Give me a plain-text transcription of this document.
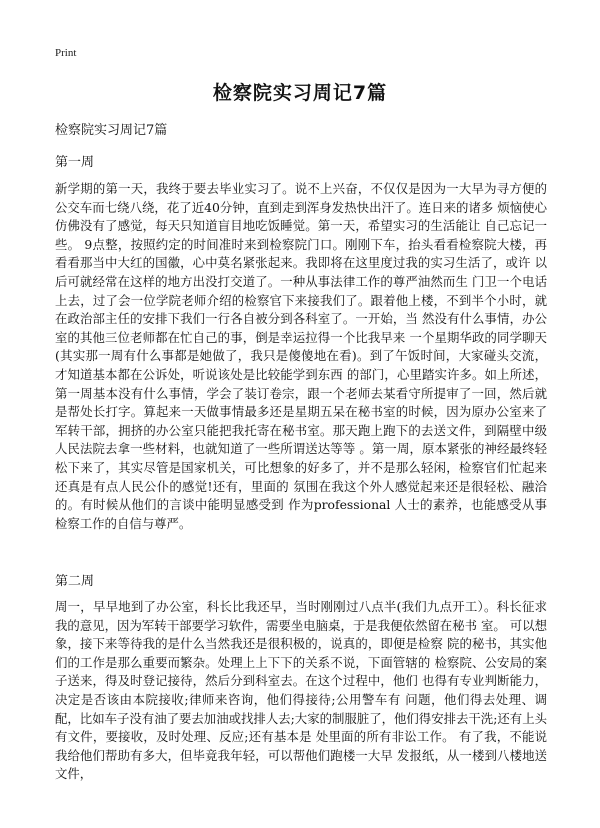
Print
检察院实习周记7篇
检察院实习周记7篇
第一周

新学期的第一天，我终于要去毕业实习了。说不上兴奋，不仅仅是因为一大早为寻方便的公交车而七绕八绕，花了近40分钟，直到走到浑身发热快出汗了。连日来的诸多 烦恼使心仿佛没有了感觉，每天只知道盲目地吃饭睡觉。第一天，希望实习的生活能让 自己忘记一些。 9点整，按照约定的时间准时来到检察院门口。刚刚下车，抬头看看检察院大楼，再 看看那当中大红的国徽，心中莫名紧张起来。我即将在这里度过我的实习生活了，或许 以后可就经常在这样的地方出没打交道了。一种从事法律工作的尊严油然而生 门卫一个电话上去，过了会一位学院老师介绍的检察官下来接我们了。跟着他上楼，不到半个小时，就在政治部主任的安排下我们一行各自被分到各科室了。一开始，当 然没有什么事情，办公室的其他三位老师都在忙自己的事，倒是幸运拉得一个比我早来 一个星期华政的同学聊天(其实那一周有什么事都是她做了，我只是傻傻地在看)。到了午饭时间，大家碰头交流，才知道基本都在公诉处，听说该处是比较能学到东西 的部门，心里踏实许多。如上所述，第一周基本没有什么事情，学会了装订卷宗，跟一个老师去某看守所提审了一回，然后就是帮处长打字。算起来一天做事情最多还是星期五呆在秘书室的时候，因为原办公室来了军转干部，拥挤的办公室只能把我托寄在秘书室。那天跑上跑下的去送文件，到隔壁中级人民法院去拿一些材料，也就知道了一些所谓送达等等 。第一周，原本紧张的神经最终轻松下来了，其实尽管是国家机关，可比想象的好多了，并不是那么轻闲，检察官们忙起来还真是有点人民公仆的感觉!还有，里面的 氛围在我这个外人感觉起来还是很轻松、融洽的。有时候从他们的言谈中能明显感受到 作为professional 人士的素养，也能感受从事检察工作的自信与尊严。

第二周

周一，早早地到了办公室，科长比我还早，当时刚刚过八点半(我们九点开工）。科长征求我的意见，因为军转干部要学习软件，需要坐电脑桌，于是我便依然留在秘书 室。 可以想象，接下来等待我的是什么当然我还是很积极的，说真的，即便是检察 院的秘书，其实他们的工作是那么重要而繁杂。处理上上下下的关系不说，下面管辖的 检察院、公安局的案子送来，得及时登记接待，然后分到科室去。在这个过程中，他们 也得有专业判断能力，决定是否该由本院接收;律师来咨询，他们得接待;公用警车有 问题，他们得去处理、调配，比如车子没有油了要去加油或找排人去;大家的制服脏了，他们得安排去干洗;还有上头有文件，要接收，及时处理、反应;还有基本是 处里面的所有非讼工作。 有了我，不能说我给他们帮助有多大，但毕竟我年轻，可以帮他们跑楼一大早 发报纸，从一楼到八楼地送文件，
